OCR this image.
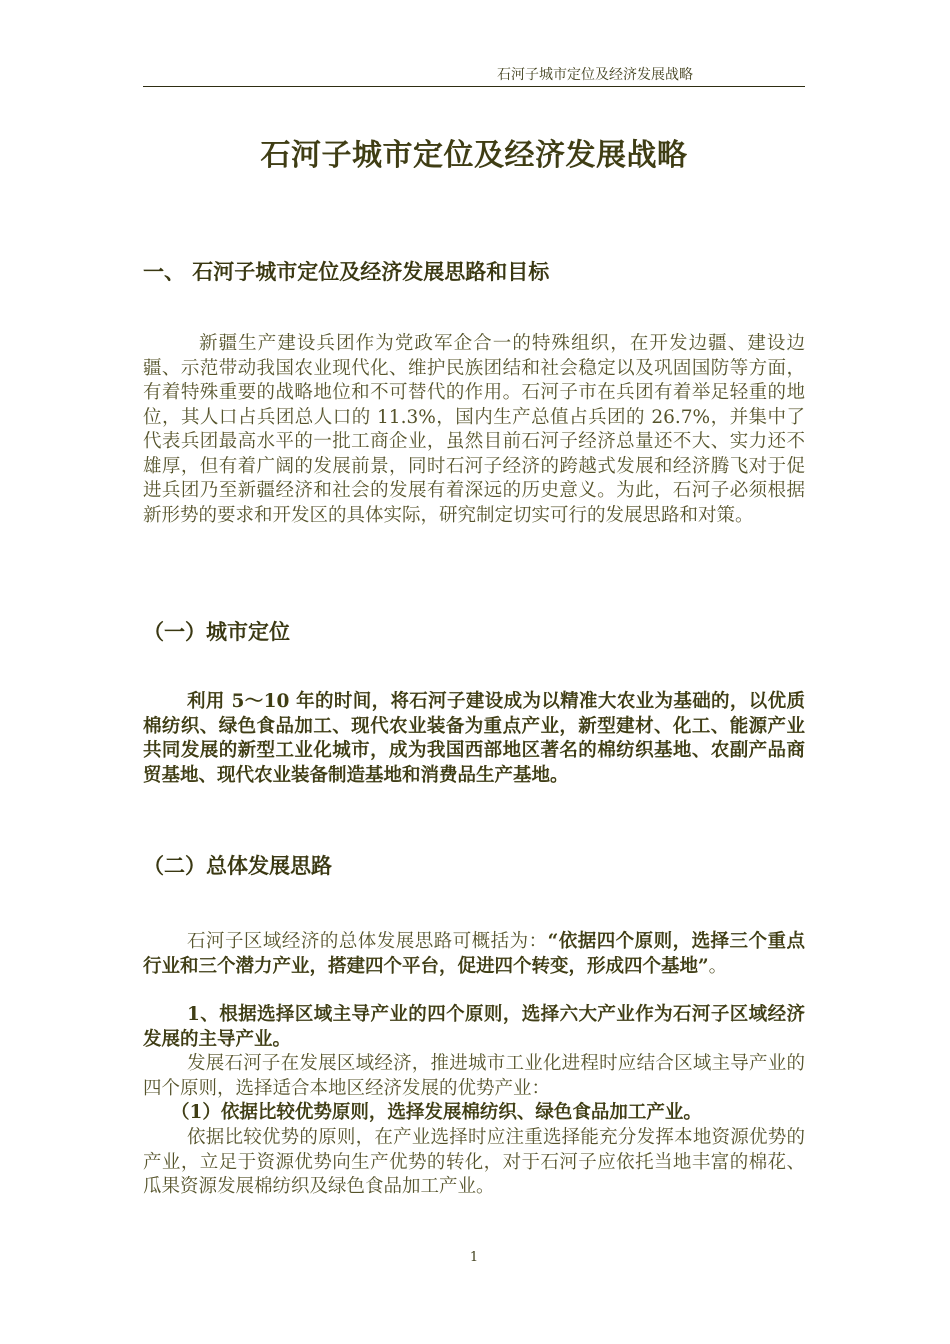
石河子城市定位及经济发展战略
石河子城市定位及经济发展战略
一、 石河子城市定位及经济发展思路和目标
新疆生产建设兵团作为党政军企合一的特殊组织，在开发边疆、建设边疆、示范带动我国农业现代化、维护民族团结和社会稳定以及巩固国防等方面，有着特殊重要的战略地位和不可替代的作用。石河子市在兵团有着举足轻重的地位，其人口占兵团总人口的 11.3%，国内生产总值占兵团的 26.7%，并集中了代表兵团最高水平的一批工商企业，虽然目前石河子经济总量还不大、实力还不雄厚，但有着广阔的发展前景，同时石河子经济的跨越式发展和经济腾飞对于促进兵团乃至新疆经济和社会的发展有着深远的历史意义。为此，石河子必须根据新形势的要求和开发区的具体实际，研究制定切实可行的发展思路和对策。
（一）城市定位
利用 5～10 年的时间，将石河子建设成为以精准大农业为基础的，以优质棉纺织、绿色食品加工、现代农业装备为重点产业，新型建材、化工、能源产业共同发展的新型工业化城市，成为我国西部地区著名的棉纺织基地、农副产品商贸基地、现代农业装备制造基地和消费品生产基地。
（二）总体发展思路
石河子区域经济的总体发展思路可概括为：“依据四个原则，选择三个重点行业和三个潜力产业，搭建四个平台，促进四个转变，形成四个基地”。
1、根据选择区域主导产业的四个原则，选择六大产业作为石河子区域经济发展的主导产业。
发展石河子在发展区域经济，推进城市工业化进程时应结合区域主导产业的四个原则，选择适合本地区经济发展的优势产业：
（1）依据比较优势原则，选择发展棉纺织、绿色食品加工产业。
依据比较优势的原则，在产业选择时应注重选择能充分发挥本地资源优势的产业，立足于资源优势向生产优势的转化，对于石河子应依托当地丰富的棉花、瓜果资源发展棉纺织及绿色食品加工产业。
1
